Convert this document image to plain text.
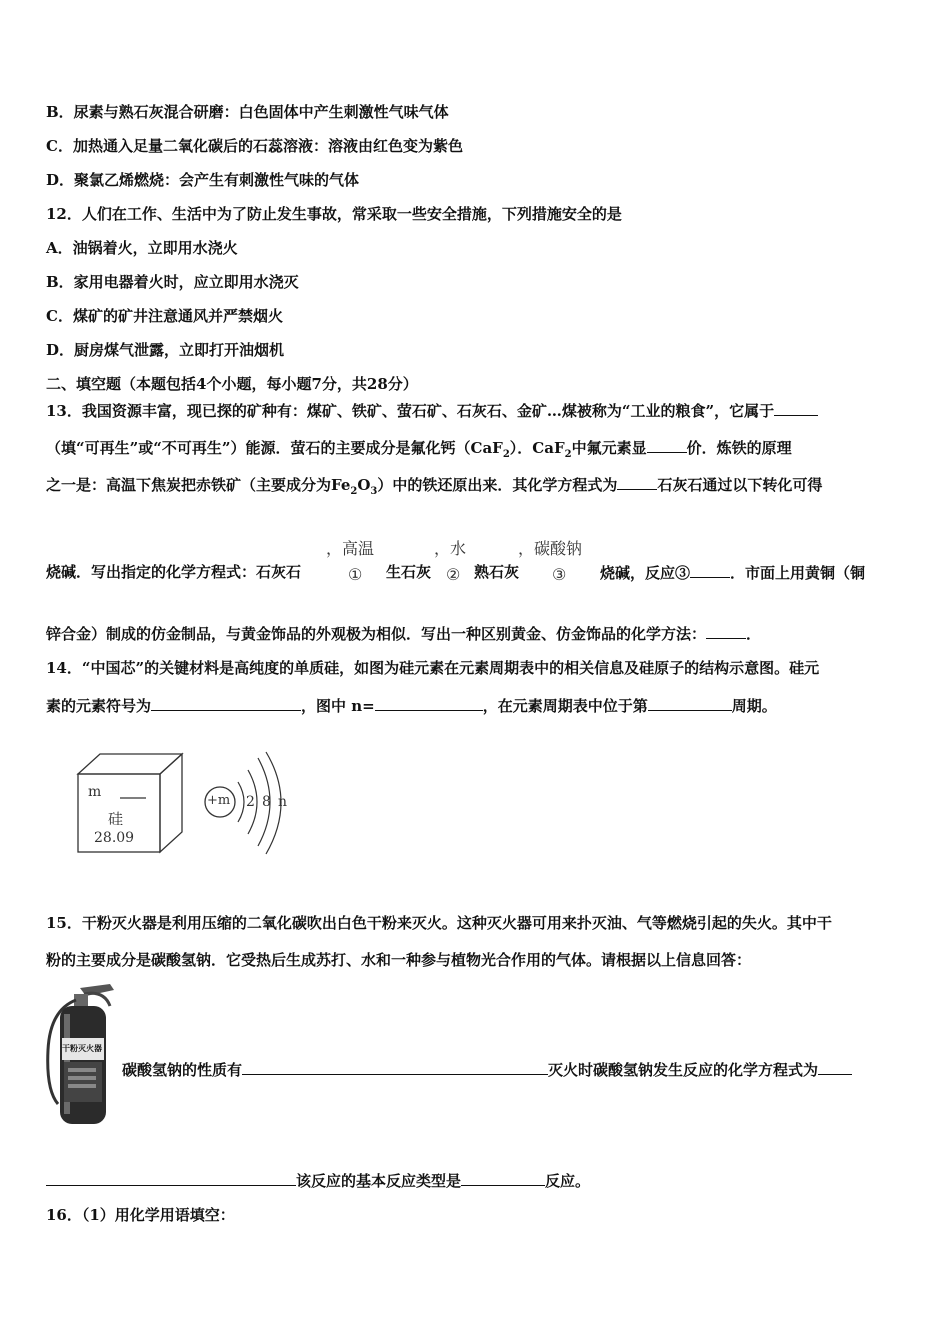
B．尿素与熟石灰混合研磨：白色固体中产生刺激性气味气体
C．加热通入足量二氧化碳后的石蕊溶液：溶液由红色变为紫色
D．聚氯乙烯燃烧：会产生有刺激性气味的气体
12．人们在工作、生活中为了防止发生事故，常采取一些安全措施，下列措施安全的是
A．油锅着火，立即用水浇火
B．家用电器着火时，应立即用水浇灭
C．煤矿的矿井注意通风并严禁烟火
D．厨房煤气泄露，立即打开油烟机
二、填空题（本题包括4个小题，每小题7分，共28分）
13．我国资源丰富，现已探的矿种有：煤矿、铁矿、萤石矿、石灰石、金矿…煤被称为“工业的粮食”，它属于
（填“可再生”或“不可再生”）能源．萤石的主要成分是氟化钙（CaF$_2$）．CaF$_2$中氟元素显	价．炼铁的原理
之一是：高温下焦炭把赤铁矿（主要成分为$Fe_2O_3$）中的铁还原出来．其化学方程式为	石灰石通过以下转化可得
，高温	，水	，碳酸钠
烧碱．写出指定的化学方程式：石灰石	① 生石灰 ② 熟石灰 ③ 烧碱，反应③	．市面上用黄铜（铜
锌合金）制成的仿金制品，与黄金饰品的外观极为相似．写出一种区别黄金、仿金饰品的化学方法：	．
14．“中国芯”的关键材料是高纯度的单质硅，如图为硅元素在元素周期表中的相关信息及硅原子的结构示意图。硅元
素的元素符号为	，图中 n=	，在元素周期表中位于第	周期。
m
硅
28.09
+m 2 8 n
15．干粉灭火器是利用压缩的二氧化碳吹出白色干粉来灭火。这种灭火器可用来扑灭油、气等燃烧引起的失火。其中干
粉的主要成分是碳酸氢钠．它受热后生成苏打、水和一种参与植物光合作用的气体。请根据以上信息回答：
干粉灭火器
碳酸氢钠的性质有	灭火时碳酸氢钠发生反应的化学方程式为
该反应的基本反应类型是	反应。
16．（1）用化学用语填空：
